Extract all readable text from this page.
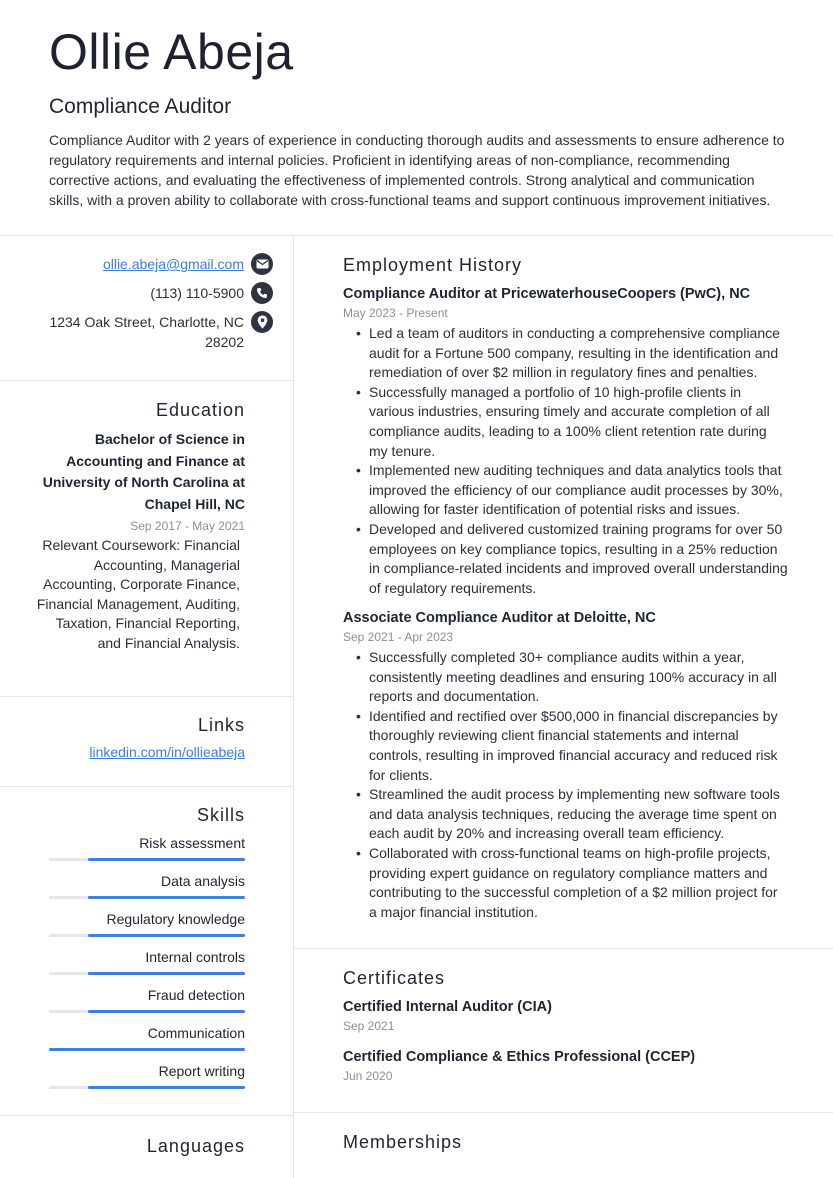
Ollie Abeja
Compliance Auditor
Compliance Auditor with 2 years of experience in conducting thorough audits and assessments to ensure adherence to regulatory requirements and internal policies. Proficient in identifying areas of non-compliance, recommending corrective actions, and evaluating the effectiveness of implemented controls. Strong analytical and communication skills, with a proven ability to collaborate with cross-functional teams and support continuous improvement initiatives.
ollie.abeja@gmail.com
(113) 110-5900
1234 Oak Street, Charlotte, NC 28202
Education
Bachelor of Science in Accounting and Finance at University of North Carolina at Chapel Hill, NC
Sep 2017 - May 2021
Relevant Coursework: Financial Accounting, Managerial Accounting, Corporate Finance, Financial Management, Auditing, Taxation, Financial Reporting, and Financial Analysis.
Links
linkedin.com/in/ollieabeja
Skills
Risk assessment
Data analysis
Regulatory knowledge
Internal controls
Fraud detection
Communication
Report writing
Languages
Employment History
Compliance Auditor at PricewaterhouseCoopers (PwC), NC
May 2023 - Present
• Led a team of auditors in conducting a comprehensive compliance audit for a Fortune 500 company, resulting in the identification and remediation of over $2 million in regulatory fines and penalties.
• Successfully managed a portfolio of 10 high-profile clients in various industries, ensuring timely and accurate completion of all compliance audits, leading to a 100% client retention rate during my tenure.
• Implemented new auditing techniques and data analytics tools that improved the efficiency of our compliance audit processes by 30%, allowing for faster identification of potential risks and issues.
• Developed and delivered customized training programs for over 50 employees on key compliance topics, resulting in a 25% reduction in compliance-related incidents and improved overall understanding of regulatory requirements.
Associate Compliance Auditor at Deloitte, NC
Sep 2021 - Apr 2023
• Successfully completed 30+ compliance audits within a year, consistently meeting deadlines and ensuring 100% accuracy in all reports and documentation.
• Identified and rectified over $500,000 in financial discrepancies by thoroughly reviewing client financial statements and internal controls, resulting in improved financial accuracy and reduced risk for clients.
• Streamlined the audit process by implementing new software tools and data analysis techniques, reducing the average time spent on each audit by 20% and increasing overall team efficiency.
• Collaborated with cross-functional teams on high-profile projects, providing expert guidance on regulatory compliance matters and contributing to the successful completion of a $2 million project for a major financial institution.
Certificates
Certified Internal Auditor (CIA)
Sep 2021
Certified Compliance & Ethics Professional (CCEP)
Jun 2020
Memberships
